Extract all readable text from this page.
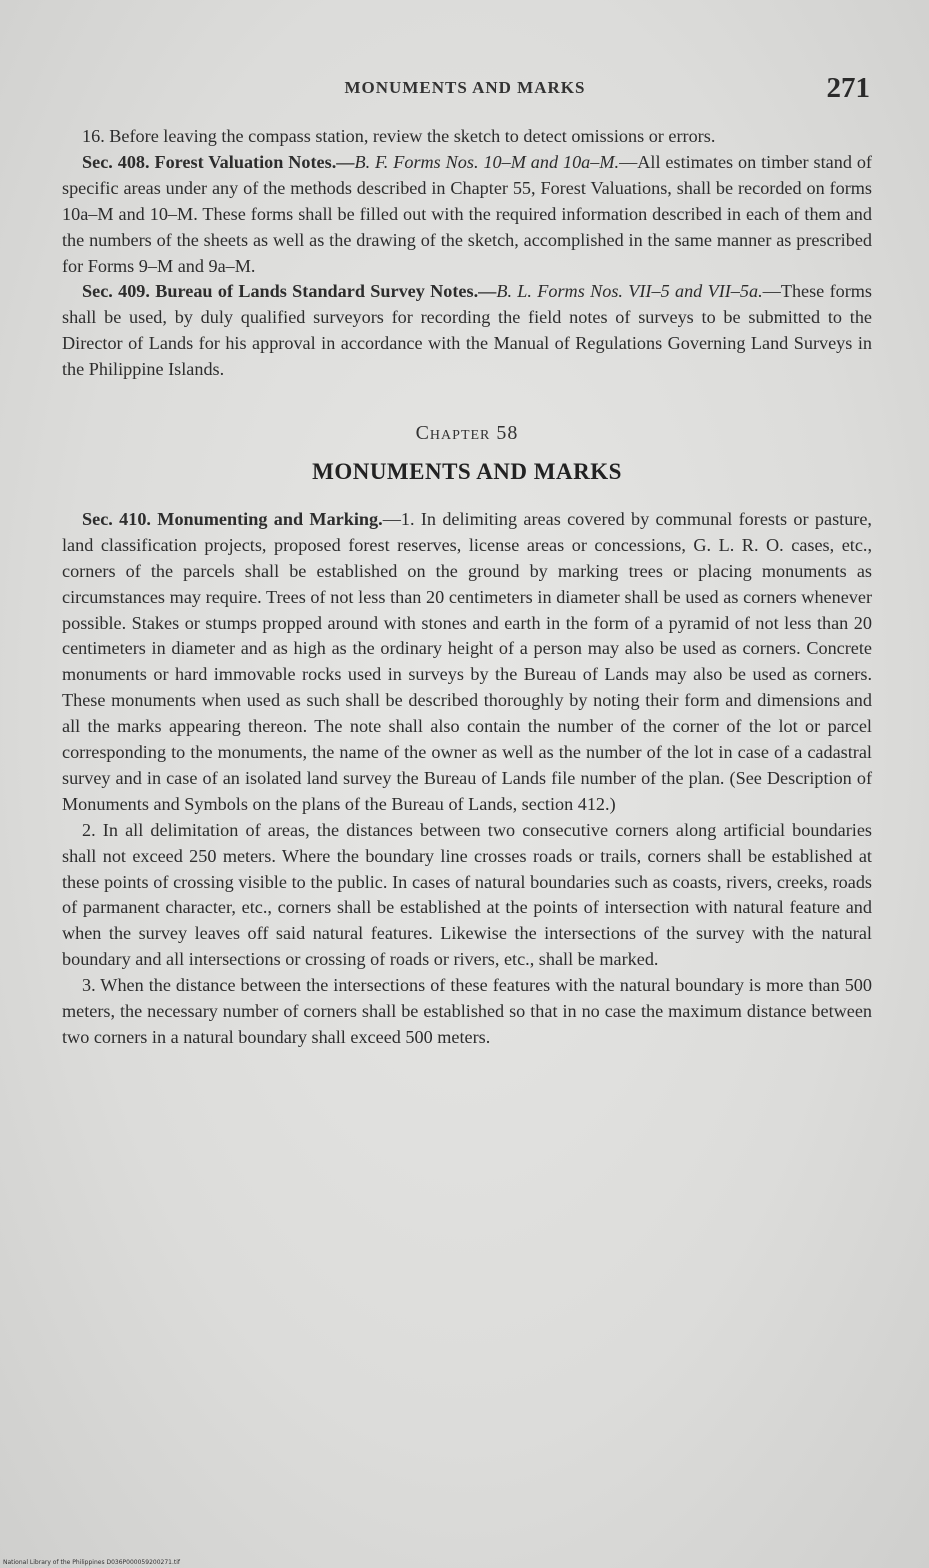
MONUMENTS AND MARKS	271

16. Before leaving the compass station, review the sketch to detect omissions or errors.

Sec. 408. Forest Valuation Notes.—B. F. Forms Nos. 10–M and 10a–M.—All estimates on timber stand of specific areas under any of the methods described in Chapter 55, Forest Valuations, shall be recorded on forms 10a–M and 10–M. These forms shall be filled out with the required information described in each of them and the numbers of the sheets as well as the drawing of the sketch, accomplished in the same manner as prescribed for Forms 9–M and 9a–M.

Sec. 409. Bureau of Lands Standard Survey Notes.—B. L. Forms Nos. VII–5 and VII–5a.—These forms shall be used, by duly qualified surveyors for recording the field notes of surveys to be submitted to the Director of Lands for his approval in accordance with the Manual of Regulations Governing Land Surveys in the Philippine Islands.

Chapter 58
MONUMENTS AND MARKS

Sec. 410. Monumenting and Marking.—1. In delimiting areas covered by communal forests or pasture, land classification projects, proposed forest reserves, license areas or concessions, G. L. R. O. cases, etc., corners of the parcels shall be established on the ground by marking trees or placing monuments as circumstances may require. Trees of not less than 20 centimeters in diameter shall be used as corners whenever possible. Stakes or stumps propped around with stones and earth in the form of a pyramid of not less than 20 centimeters in diameter and as high as the ordinary height of a person may also be used as corners. Concrete monuments or hard immovable rocks used in surveys by the Bureau of Lands may also be used as corners. These monuments when used as such shall be described thoroughly by noting their form and dimensions and all the marks appearing thereon. The note shall also contain the number of the corner of the lot or parcel corresponding to the monuments, the name of the owner as well as the number of the lot in case of a cadastral survey and in case of an isolated land survey the Bureau of Lands file number of the plan. (See Description of Monuments and Symbols on the plans of the Bureau of Lands, section 412.)

2. In all delimitation of areas, the distances between two consecutive corners along artificial boundaries shall not exceed 250 meters. Where the boundary line crosses roads or trails, corners shall be established at these points of crossing visible to the public. In cases of natural boundaries such as coasts, rivers, creeks, roads of parmanent character, etc., corners shall be established at the points of intersection with natural feature and when the survey leaves off said natural features. Likewise the intersections of the survey with the natural boundary and all intersections or crossing of roads or rivers, etc., shall be marked.

3. When the distance between the intersections of these features with the natural boundary is more than 500 meters, the necessary number of corners shall be established so that in no case the maximum distance between two corners in a natural boundary shall exceed 500 meters.

National Library of the Philippines D036P000059200271.tif
